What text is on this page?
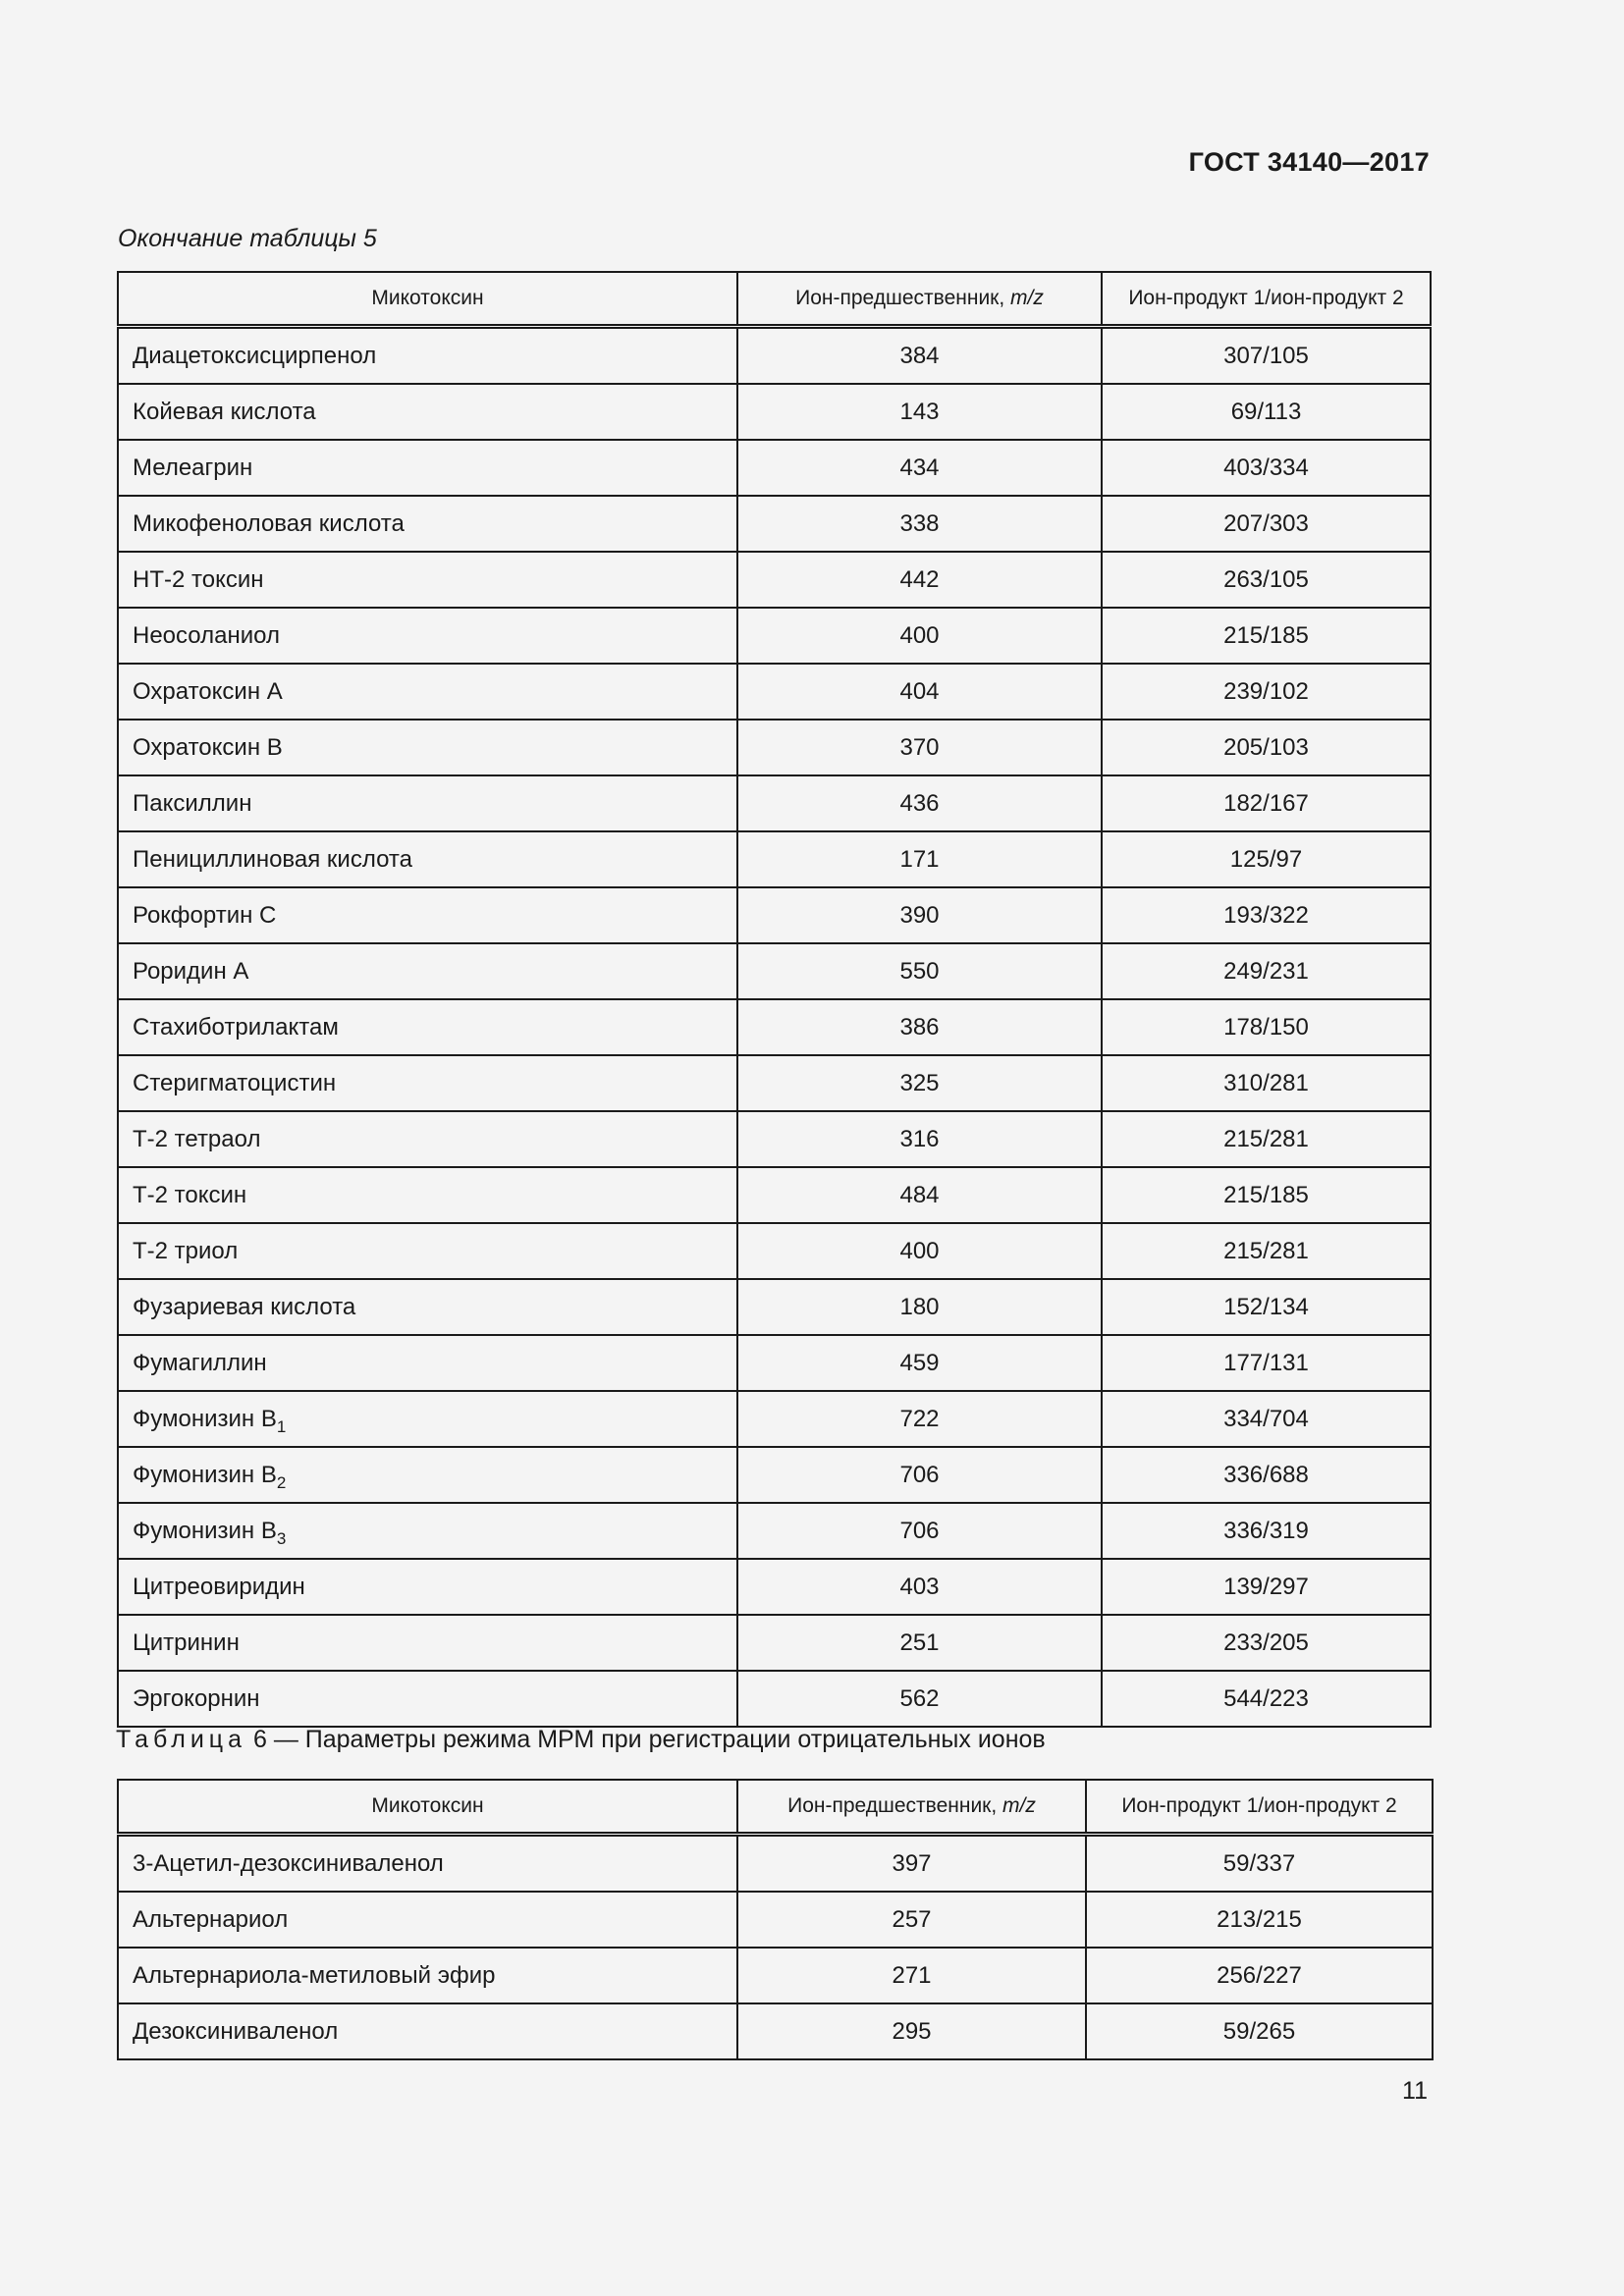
ГОСТ 34140—2017
Окончание таблицы 5
Микотоксин	Ион-предшественник, m/z	Ион-продукт 1/ион-продукт 2
Диацетоксисцирпенол	384	307/105
Койевая кислота	143	69/113
Мелеагрин	434	403/334
Микофеноловая кислота	338	207/303
НТ-2 токсин	442	263/105
Неосоланиол	400	215/185
Охратоксин А	404	239/102
Охратоксин В	370	205/103
Паксиллин	436	182/167
Пенициллиновая кислота	171	125/97
Рокфортин С	390	193/322
Роридин А	550	249/231
Стахиботрилактам	386	178/150
Стеригматоцистин	325	310/281
Т-2 тетраол	316	215/281
Т-2 токсин	484	215/185
Т-2 триол	400	215/281
Фузариевая кислота	180	152/134
Фумагиллин	459	177/131
Фумонизин $В_1$	722	334/704
Фумонизин $В_2$	706	336/688
Фумонизин $В_3$	706	336/319
Цитреовиридин	403	139/297
Цитринин	251	233/205
Эргокорнин	562	544/223
Таблица 6 — Параметры режима МРМ при регистрации отрицательных ионов
Микотоксин	Ион-предшественник, m/z	Ион-продукт 1/ион-продукт 2
3-Ацетил-дезоксиниваленол	397	59/337
Альтернариол	257	213/215
Альтернариола-метиловый эфир	271	256/227
Дезоксиниваленол	295	59/265
11
